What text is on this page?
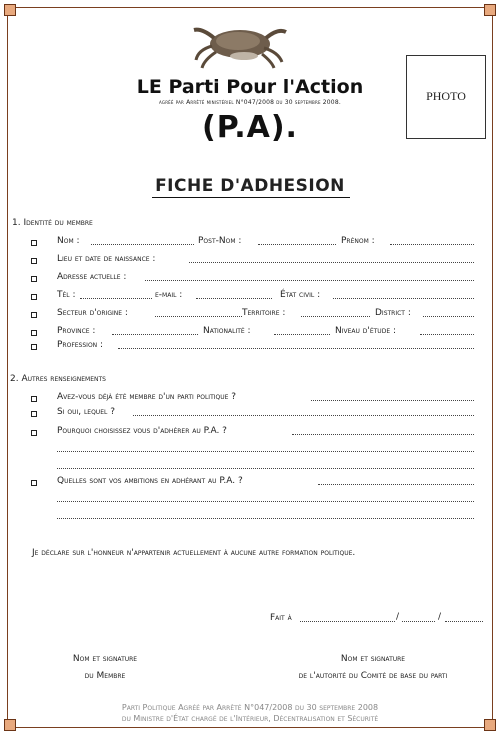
LE Parti Pour l'Action
agréé par Arrêté ministériel N°047/2008 du 30 septembre 2008.
(P.A).
PHOTO
FICHE D'ADHESION
1. Identité du membre
Nom :	Post-Nom :	Prénom :
Lieu et date de naissance :
Adresse actuelle :
Tél :	e-mail :	État civil :
Secteur d'origine :	Territoire :	District :
Province :	Nationalité :	Niveau d'étude :
Profession :
2. Autres renseignements
Avez-vous déjà été membre d'un parti politique ?
Si oui, lequel ?
Pourquoi choisissez vous d'adhérer au P.A. ?
Quelles sont vos ambitions en adhérant au P.A. ?
Je déclare sur l'honneur n'appartenir actuellement à aucune autre formation politique.
Fait à	/	/
Nom et signature
du Membre
Nom et signature
de l'autorité du Comité de base du parti
Parti Politique Agréé par Arrêté N°047/2008 du 30 septembre 2008
du Ministre d'État chargé de l'Intérieur, Décentralisation et Sécurité
